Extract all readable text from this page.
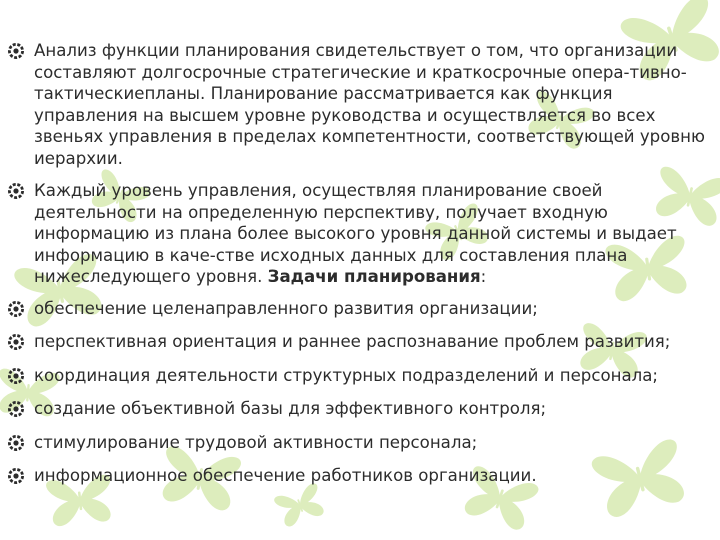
Анализ функции планирования свидетельствует о том, что организации составляют долгосрочные стратегические и краткосрочные опера-тивно-тактическиепланы. Планирование рассматривается как функция управления на высшем уровне руководства и осуществляется во всех звеньях управления в пределах компетентности, соответствующей уровню иерархии.
Каждый уровень управления, осуществляя планирование своей деятельности на определенную перспективу, получает входную информацию из плана более высокого уровня данной системы и выдает информацию в каче-стве исходных данных для составления плана нижеследующего уровня. Задачи планирования:
обеспечение целенаправленного развития организации;
перспективная ориентация и раннее распознавание проблем развития;
координация деятельности структурных подразделений и персонала;
создание объективной базы для эффективного контроля;
стимулирование трудовой активности персонала;
информационное обеспечение работников организации.
